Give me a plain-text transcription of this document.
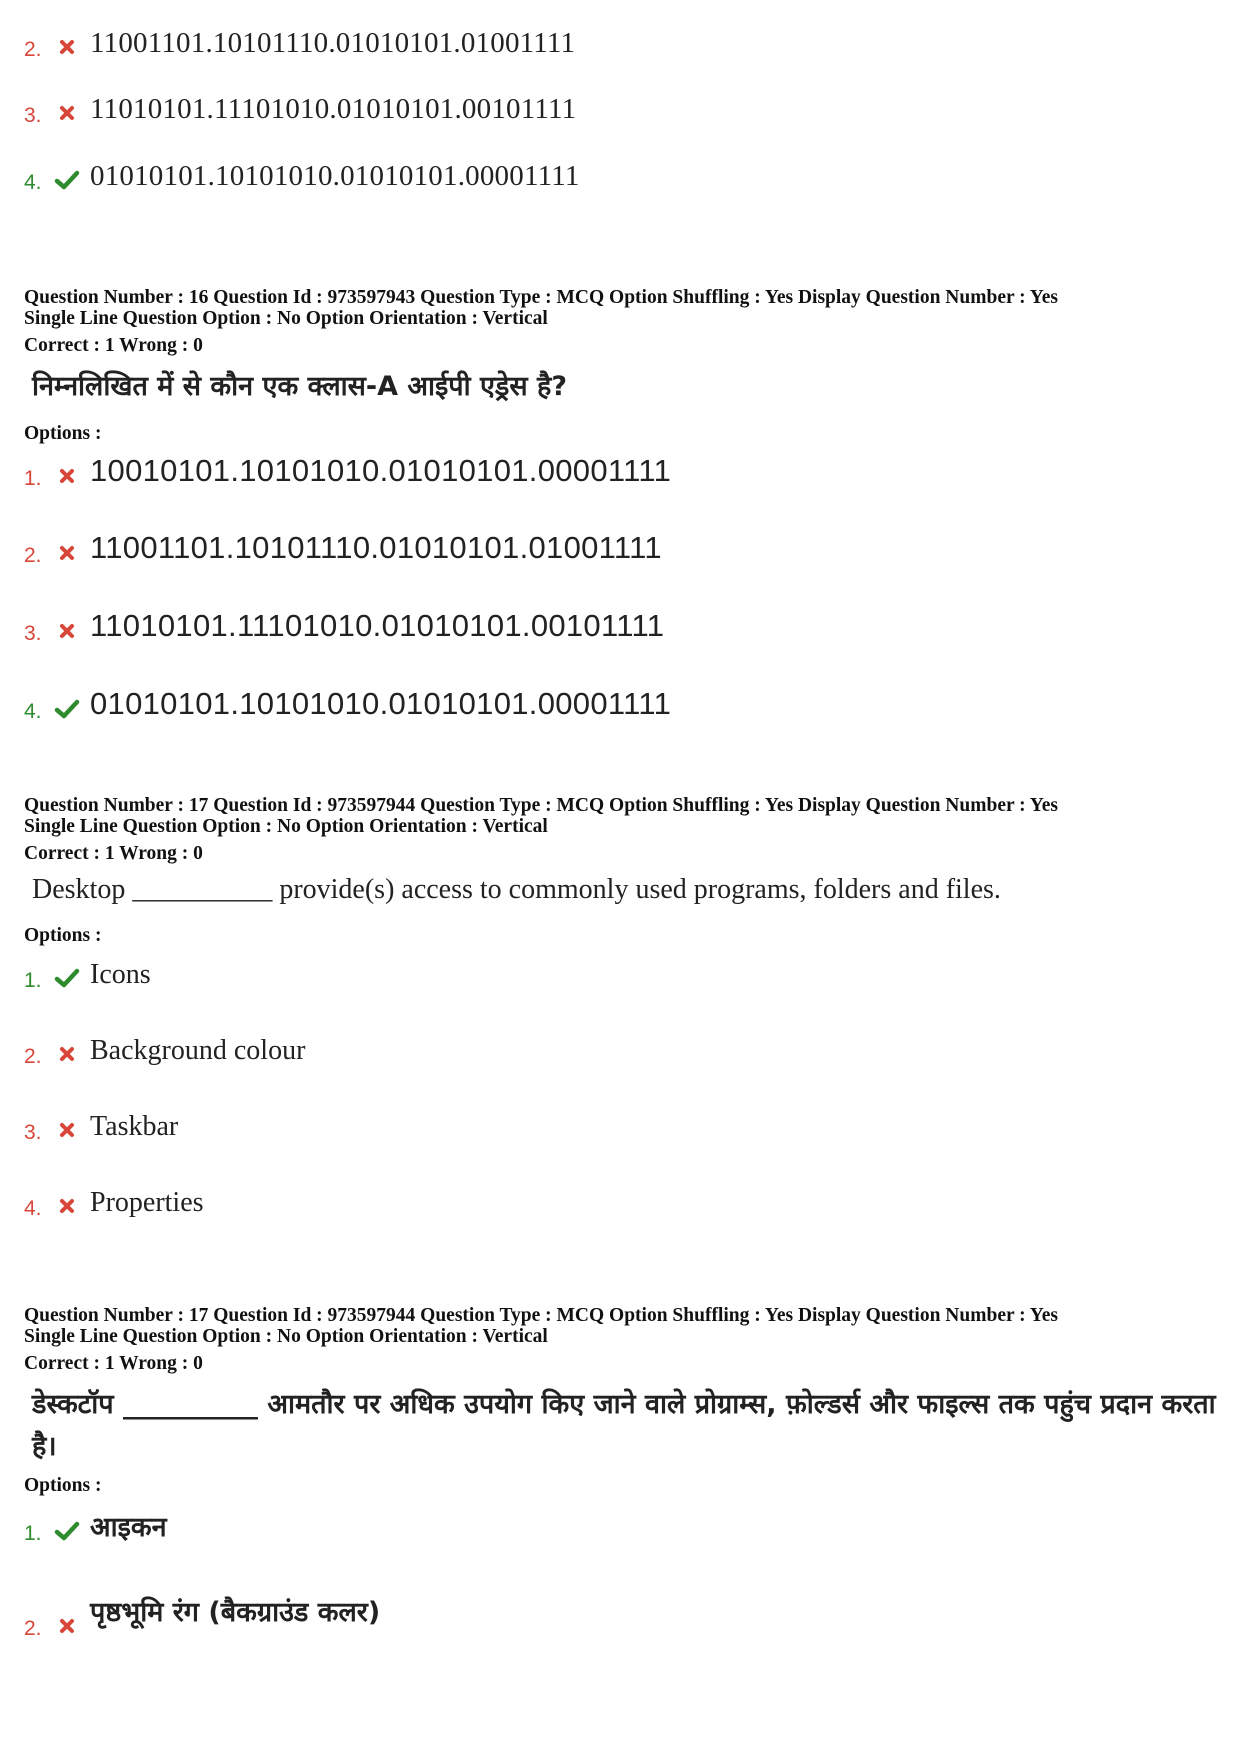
2. 11001101.10101110.01010101.01001111
3. 11010101.11101010.01010101.00101111
4. 01010101.10101010.01010101.00001111
Question Number : 16 Question Id : 973597943 Question Type : MCQ Option Shuffling : Yes Display Question Number : Yes
Single Line Question Option : No Option Orientation : Vertical
Correct : 1 Wrong : 0
निम्नलिखित में से कौन एक क्लास-A आईपी एड्रेस है?
Options :
1. 10010101.10101010.01010101.00001111
2. 11001101.10101110.01010101.01001111
3. 11010101.11101010.01010101.00101111
4. 01010101.10101010.01010101.00001111
Question Number : 17 Question Id : 973597944 Question Type : MCQ Option Shuffling : Yes Display Question Number : Yes
Single Line Question Option : No Option Orientation : Vertical
Correct : 1 Wrong : 0
Desktop __________ provide(s) access to commonly used programs, folders and files.
Options :
1. Icons
2. Background colour
3. Taskbar
4. Properties
Question Number : 17 Question Id : 973597944 Question Type : MCQ Option Shuffling : Yes Display Question Number : Yes
Single Line Question Option : No Option Orientation : Vertical
Correct : 1 Wrong : 0
डेस्कटॉप __________ आमतौर पर अधिक उपयोग किए जाने वाले प्रोग्राम्स, फ़ोल्डर्स और फाइल्स तक पहुंच प्रदान करता है।
Options :
1. आइकन
2.
पृष्ठभूमि रंग (बैकग्राउंड कलर)
